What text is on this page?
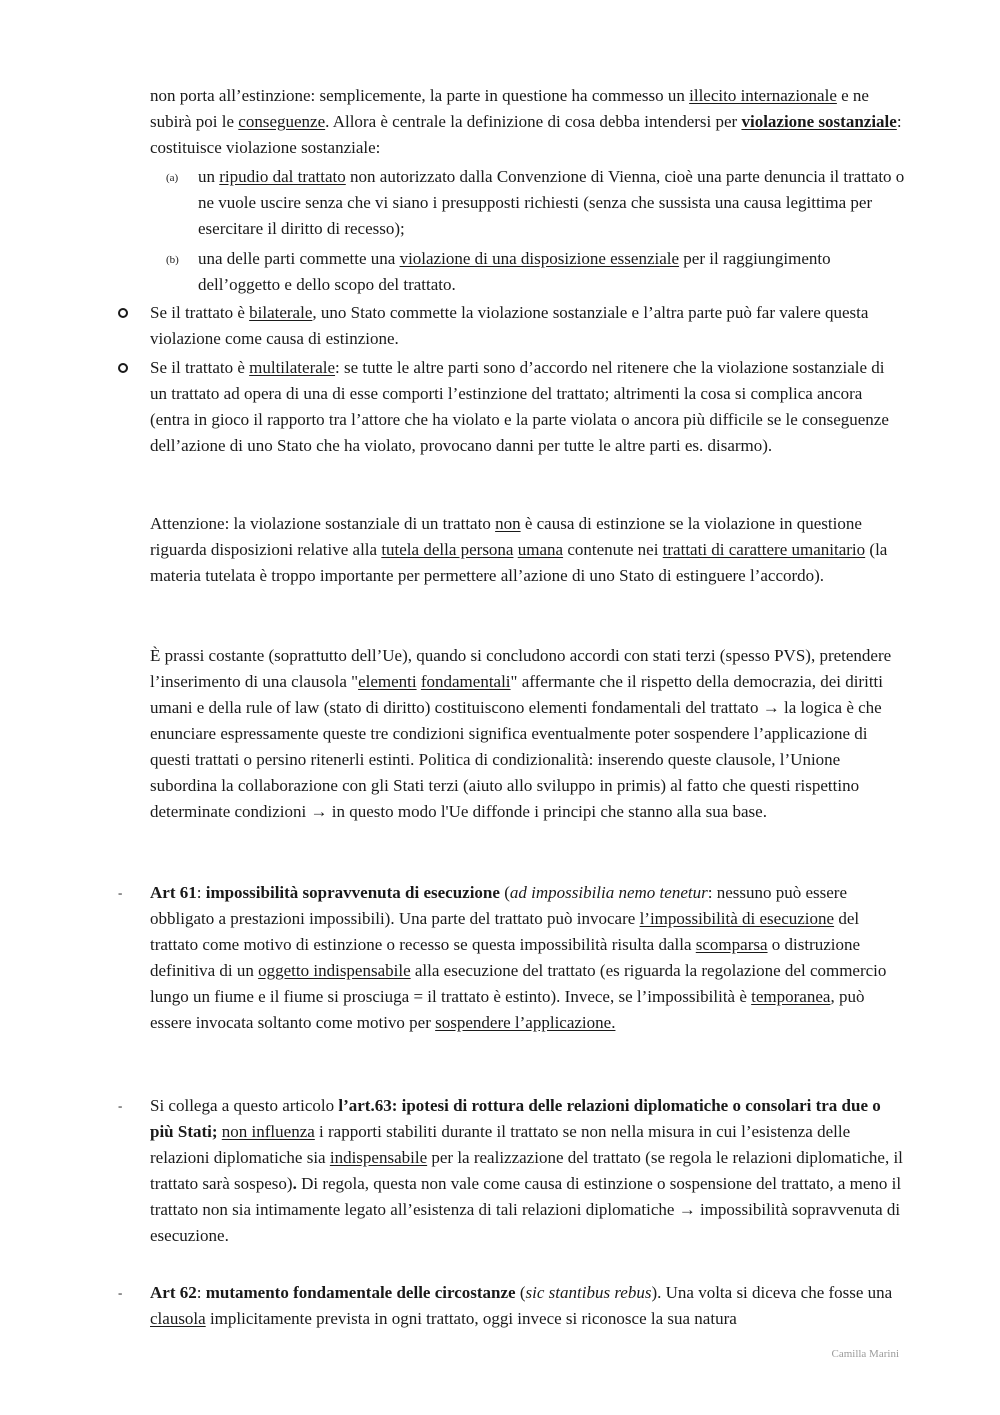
non porta all’estinzione: semplicemente, la parte in questione ha commesso un illecito internazionale e ne subirà poi le conseguenze. Allora è centrale la definizione di cosa debba intendersi per violazione sostanziale: costituisce violazione sostanziale:

(a) un ripudio dal trattato non autorizzato dalla Convenzione di Vienna, cioè una parte denuncia il trattato o ne vuole uscire senza che vi siano i presupposti richiesti (senza che sussista una causa legittima per esercitare il diritto di recesso);

(b) una delle parti commette una violazione di una disposizione essenziale per il raggiungimento dell’oggetto e dello scopo del trattato.

Se il trattato è bilaterale, uno Stato commette la violazione sostanziale e l’altra parte può far valere questa violazione come causa di estinzione.

Se il trattato è multilaterale: se tutte le altre parti sono d’accordo nel ritenere che la violazione sostanziale di un trattato ad opera di una di esse comporti l’estinzione del trattato; altrimenti la cosa si complica ancora (entra in gioco il rapporto tra l’attore che ha violato e la parte violata o ancora più difficile se le conseguenze dell’azione di uno Stato che ha violato, provocano danni per tutte le altre parti es. disarmo).

Attenzione: la violazione sostanziale di un trattato non è causa di estinzione se la violazione in questione riguarda disposizioni relative alla tutela della persona umana contenute nei trattati di carattere umanitario (la materia tutelata è troppo importante per permettere all’azione di uno Stato di estinguere l’accordo).

È prassi costante (soprattutto dell’Ue), quando si concludono accordi con stati terzi (spesso PVS), pretendere l’inserimento di una clausola "elementi fondamentali" affermante che il rispetto della democrazia, dei diritti umani e della rule of law (stato di diritto) costituiscono elementi fondamentali del trattato → la logica è che enunciare espressamente queste tre condizioni significa eventualmente poter sospendere l’applicazione di questi trattati o persino ritenerli estinti. Politica di condizionalità: inserendo queste clausole, l’Unione subordina la collaborazione con gli Stati terzi (aiuto allo sviluppo in primis) al fatto che questi rispettino determinate condizioni → in questo modo l'Ue diffonde i principi che stanno alla sua base.

- Art 61: impossibilità sopravvenuta di esecuzione (ad impossibilia nemo tenetur: nessuno può essere obbligato a prestazioni impossibili). Una parte del trattato può invocare l’impossibilità di esecuzione del trattato come motivo di estinzione o recesso se questa impossibilità risulta dalla scomparsa o distruzione
definitiva di un oggetto indispensabile alla esecuzione del trattato (es riguarda la regolazione del commercio lungo un fiume e il fiume si prosciuga = il trattato è estinto). Invece, se l’impossibilità è temporanea, può essere invocata soltanto come motivo per sospendere l’applicazione.

- Si collega a questo articolo l’art.63: ipotesi di rottura delle relazioni diplomatiche o consolari tra due o più Stati; non influenza i rapporti stabiliti durante il trattato se non nella misura in cui l’esistenza delle relazioni diplomatiche sia indispensabile per la realizzazione del trattato (se regola le relazioni diplomatiche, il trattato sarà sospeso). Di regola, questa non vale come causa di estinzione o sospensione del trattato, a meno il trattato non sia intimamente legato all’esistenza di tali relazioni diplomatiche → impossibilità sopravvenuta di esecuzione.

- Art 62: mutamento fondamentale delle circostanze (sic stantibus rebus). Una volta si diceva che fosse una clausola implicitamente prevista in ogni trattato, oggi invece si riconosce la sua natura

Camilla Marini
